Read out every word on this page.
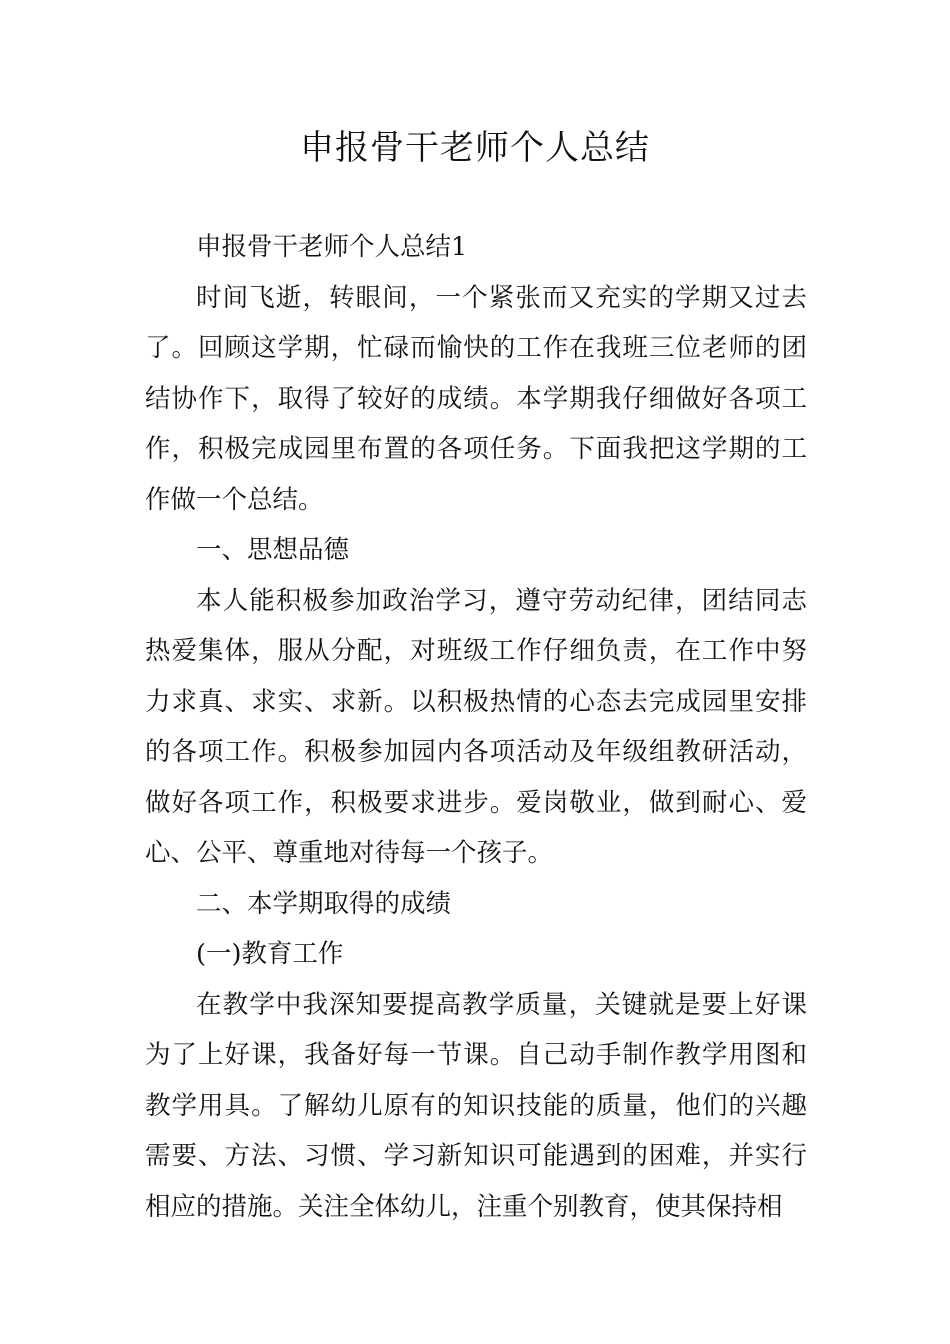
申报骨干老师个人总结

申报骨干老师个人总结1

时间飞逝，转眼间，一个紧张而又充实的学期又过去了。回顾这学期，忙碌而愉快的工作在我班三位老师的团结协作下，取得了较好的成绩。本学期我仔细做好各项工作，积极完成园里布置的各项任务。下面我把这学期的工作做一个总结。

一、思想品德

本人能积极参加政治学习，遵守劳动纪律，团结同志热爱集体，服从分配，对班级工作仔细负责，在工作中努力求真、求实、求新。以积极热情的心态去完成园里安排的各项工作。积极参加园内各项活动及年级组教研活动，做好各项工作，积极要求进步。爱岗敬业，做到耐心、爱心、公平、尊重地对待每一个孩子。

二、本学期取得的成绩

(一)教育工作

在教学中我深知要提高教学质量，关键就是要上好课为了上好课，我备好每一节课。自己动手制作教学用图和教学用具。了解幼儿原有的知识技能的质量，他们的兴趣需要、方法、习惯、学习新知识可能遇到的困难，并实行相应的措施。关注全体幼儿，注重个别教育，使其保持相
